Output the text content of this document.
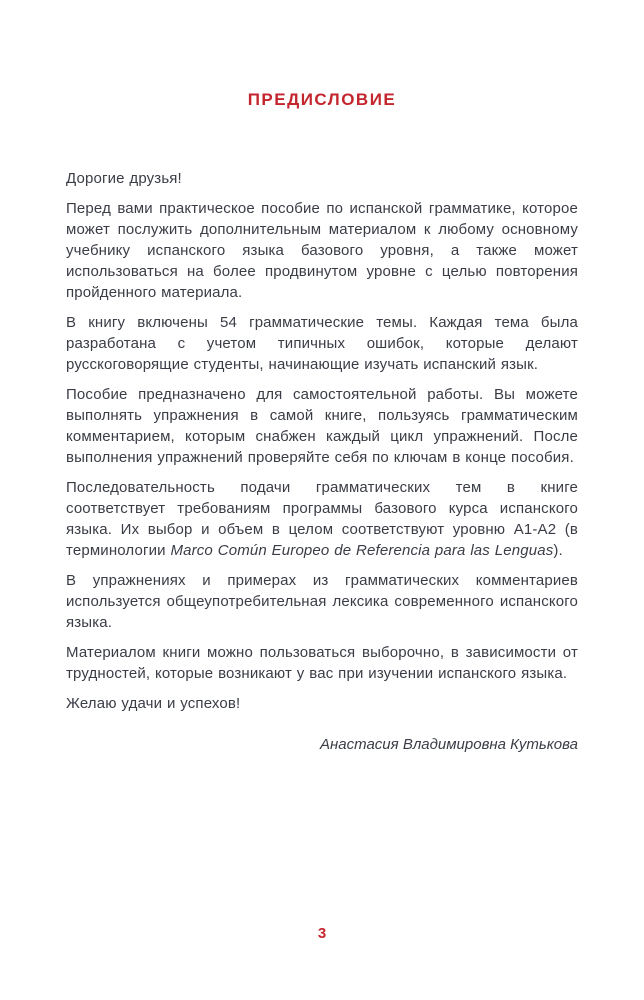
ПРЕДИСЛОВИЕ

Дорогие друзья!

Перед вами практическое пособие по испанской грамматике, которое может послужить дополнительным материалом к любому основному учебнику испанского языка базового уровня, а также может использоваться на более продвинутом уровне с целью повторения пройденного материала.

В книгу включены 54 грамматические темы. Каждая тема была разработана с учетом типичных ошибок, которые делают русскоговорящие студенты, начинающие изучать испанский язык.

Пособие предназначено для самостоятельной работы. Вы можете выполнять упражнения в самой книге, пользуясь грамматическим комментарием, которым снабжен каждый цикл упражнений. После выполнения упражнений проверяйте себя по ключам в конце пособия.

Последовательность подачи грамматических тем в книге соответствует требованиям программы базового курса испанского языка. Их выбор и объем в целом соответствуют уровню A1-A2 (в терминологии Marco Común Europeo de Referencia para las Lenguas).

В упражнениях и примерах из грамматических комментариев используется общеупотребительная лексика современного испанского языка.

Материалом книги можно пользоваться выборочно, в зависимости от трудностей, которые возникают у вас при изучении испанского языка.

Желаю удачи и успехов!

Анастасия Владимировна Кутькова
3
